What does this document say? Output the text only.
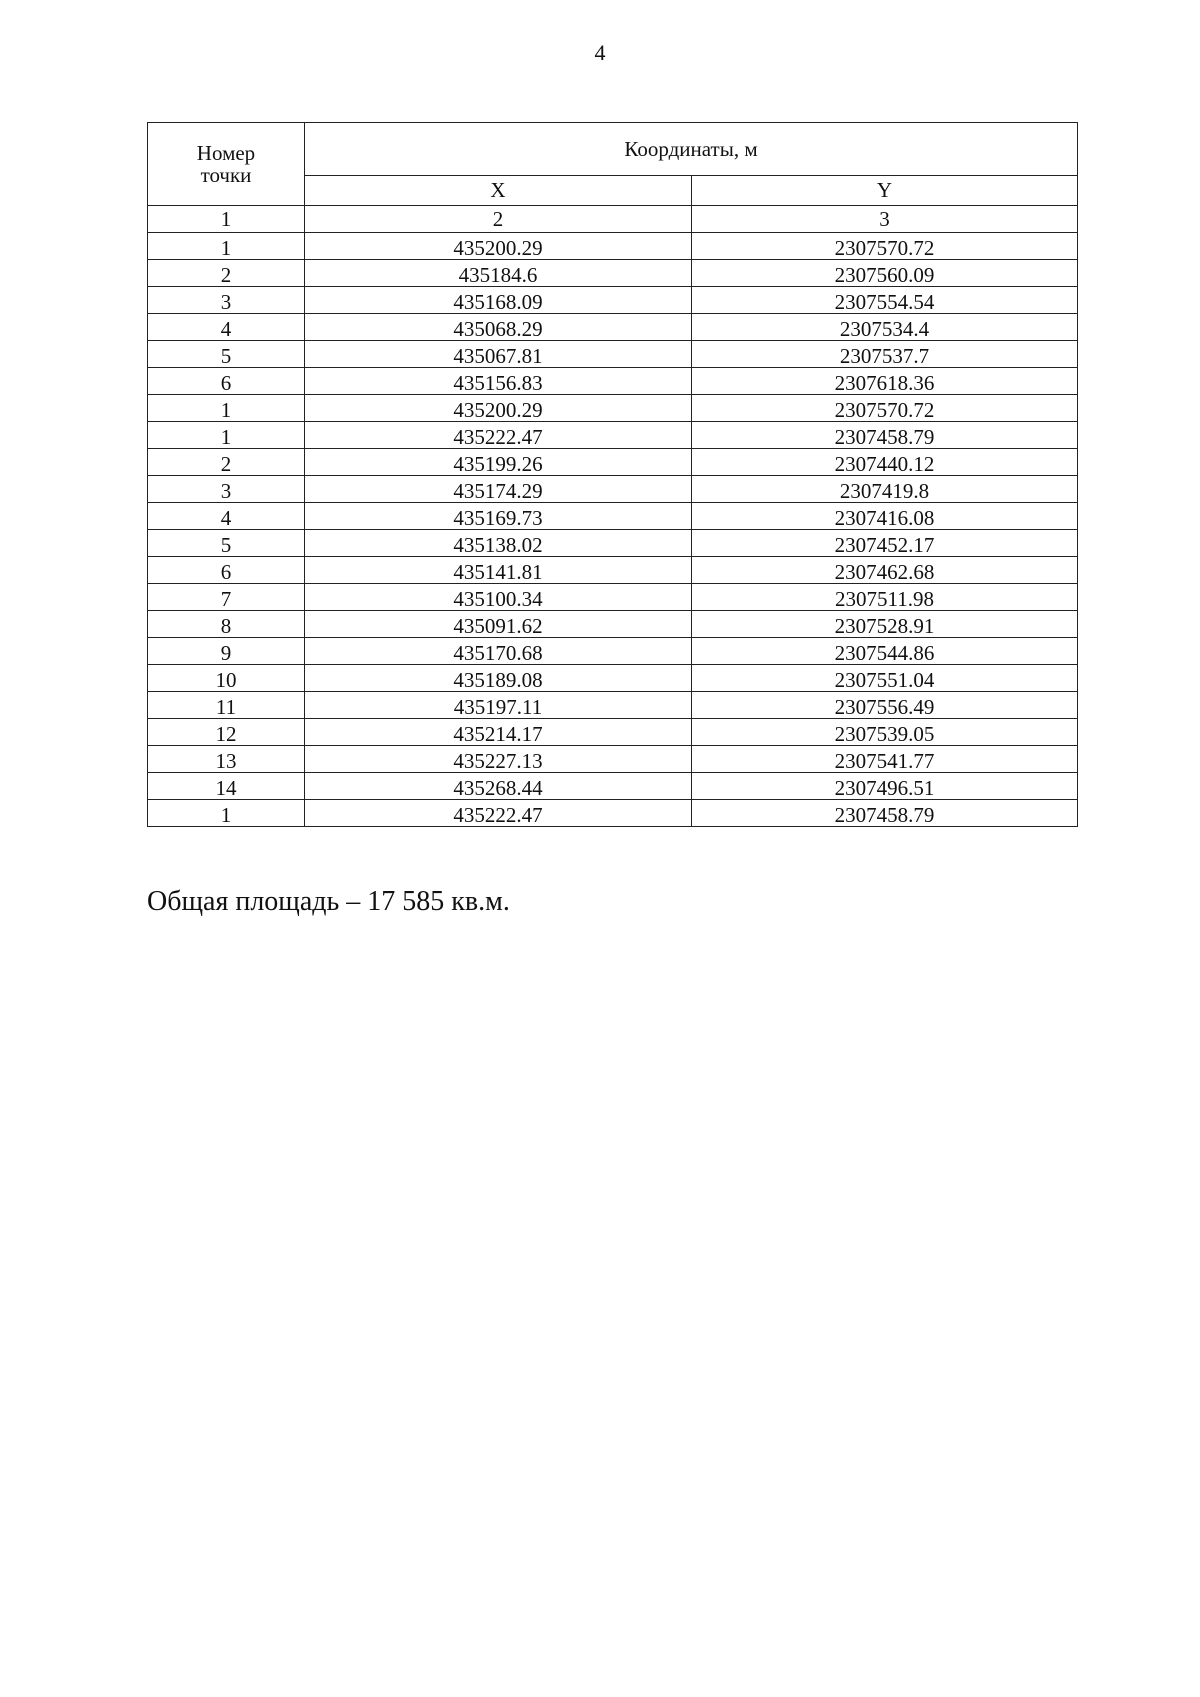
4
Номер
точки	Координаты, м	
	X	Y
1	2	3
1	435200.29	2307570.72
2	435184.6	2307560.09
3	435168.09	2307554.54
4	435068.29	2307534.4
5	435067.81	2307537.7
6	435156.83	2307618.36
1	435200.29	2307570.72
1	435222.47	2307458.79
2	435199.26	2307440.12
3	435174.29	2307419.8
4	435169.73	2307416.08
5	435138.02	2307452.17
6	435141.81	2307462.68
7	435100.34	2307511.98
8	435091.62	2307528.91
9	435170.68	2307544.86
10	435189.08	2307551.04
11	435197.11	2307556.49
12	435214.17	2307539.05
13	435227.13	2307541.77
14	435268.44	2307496.51
1	435222.47	2307458.79
Общая площадь – 17 585 кв.м.
